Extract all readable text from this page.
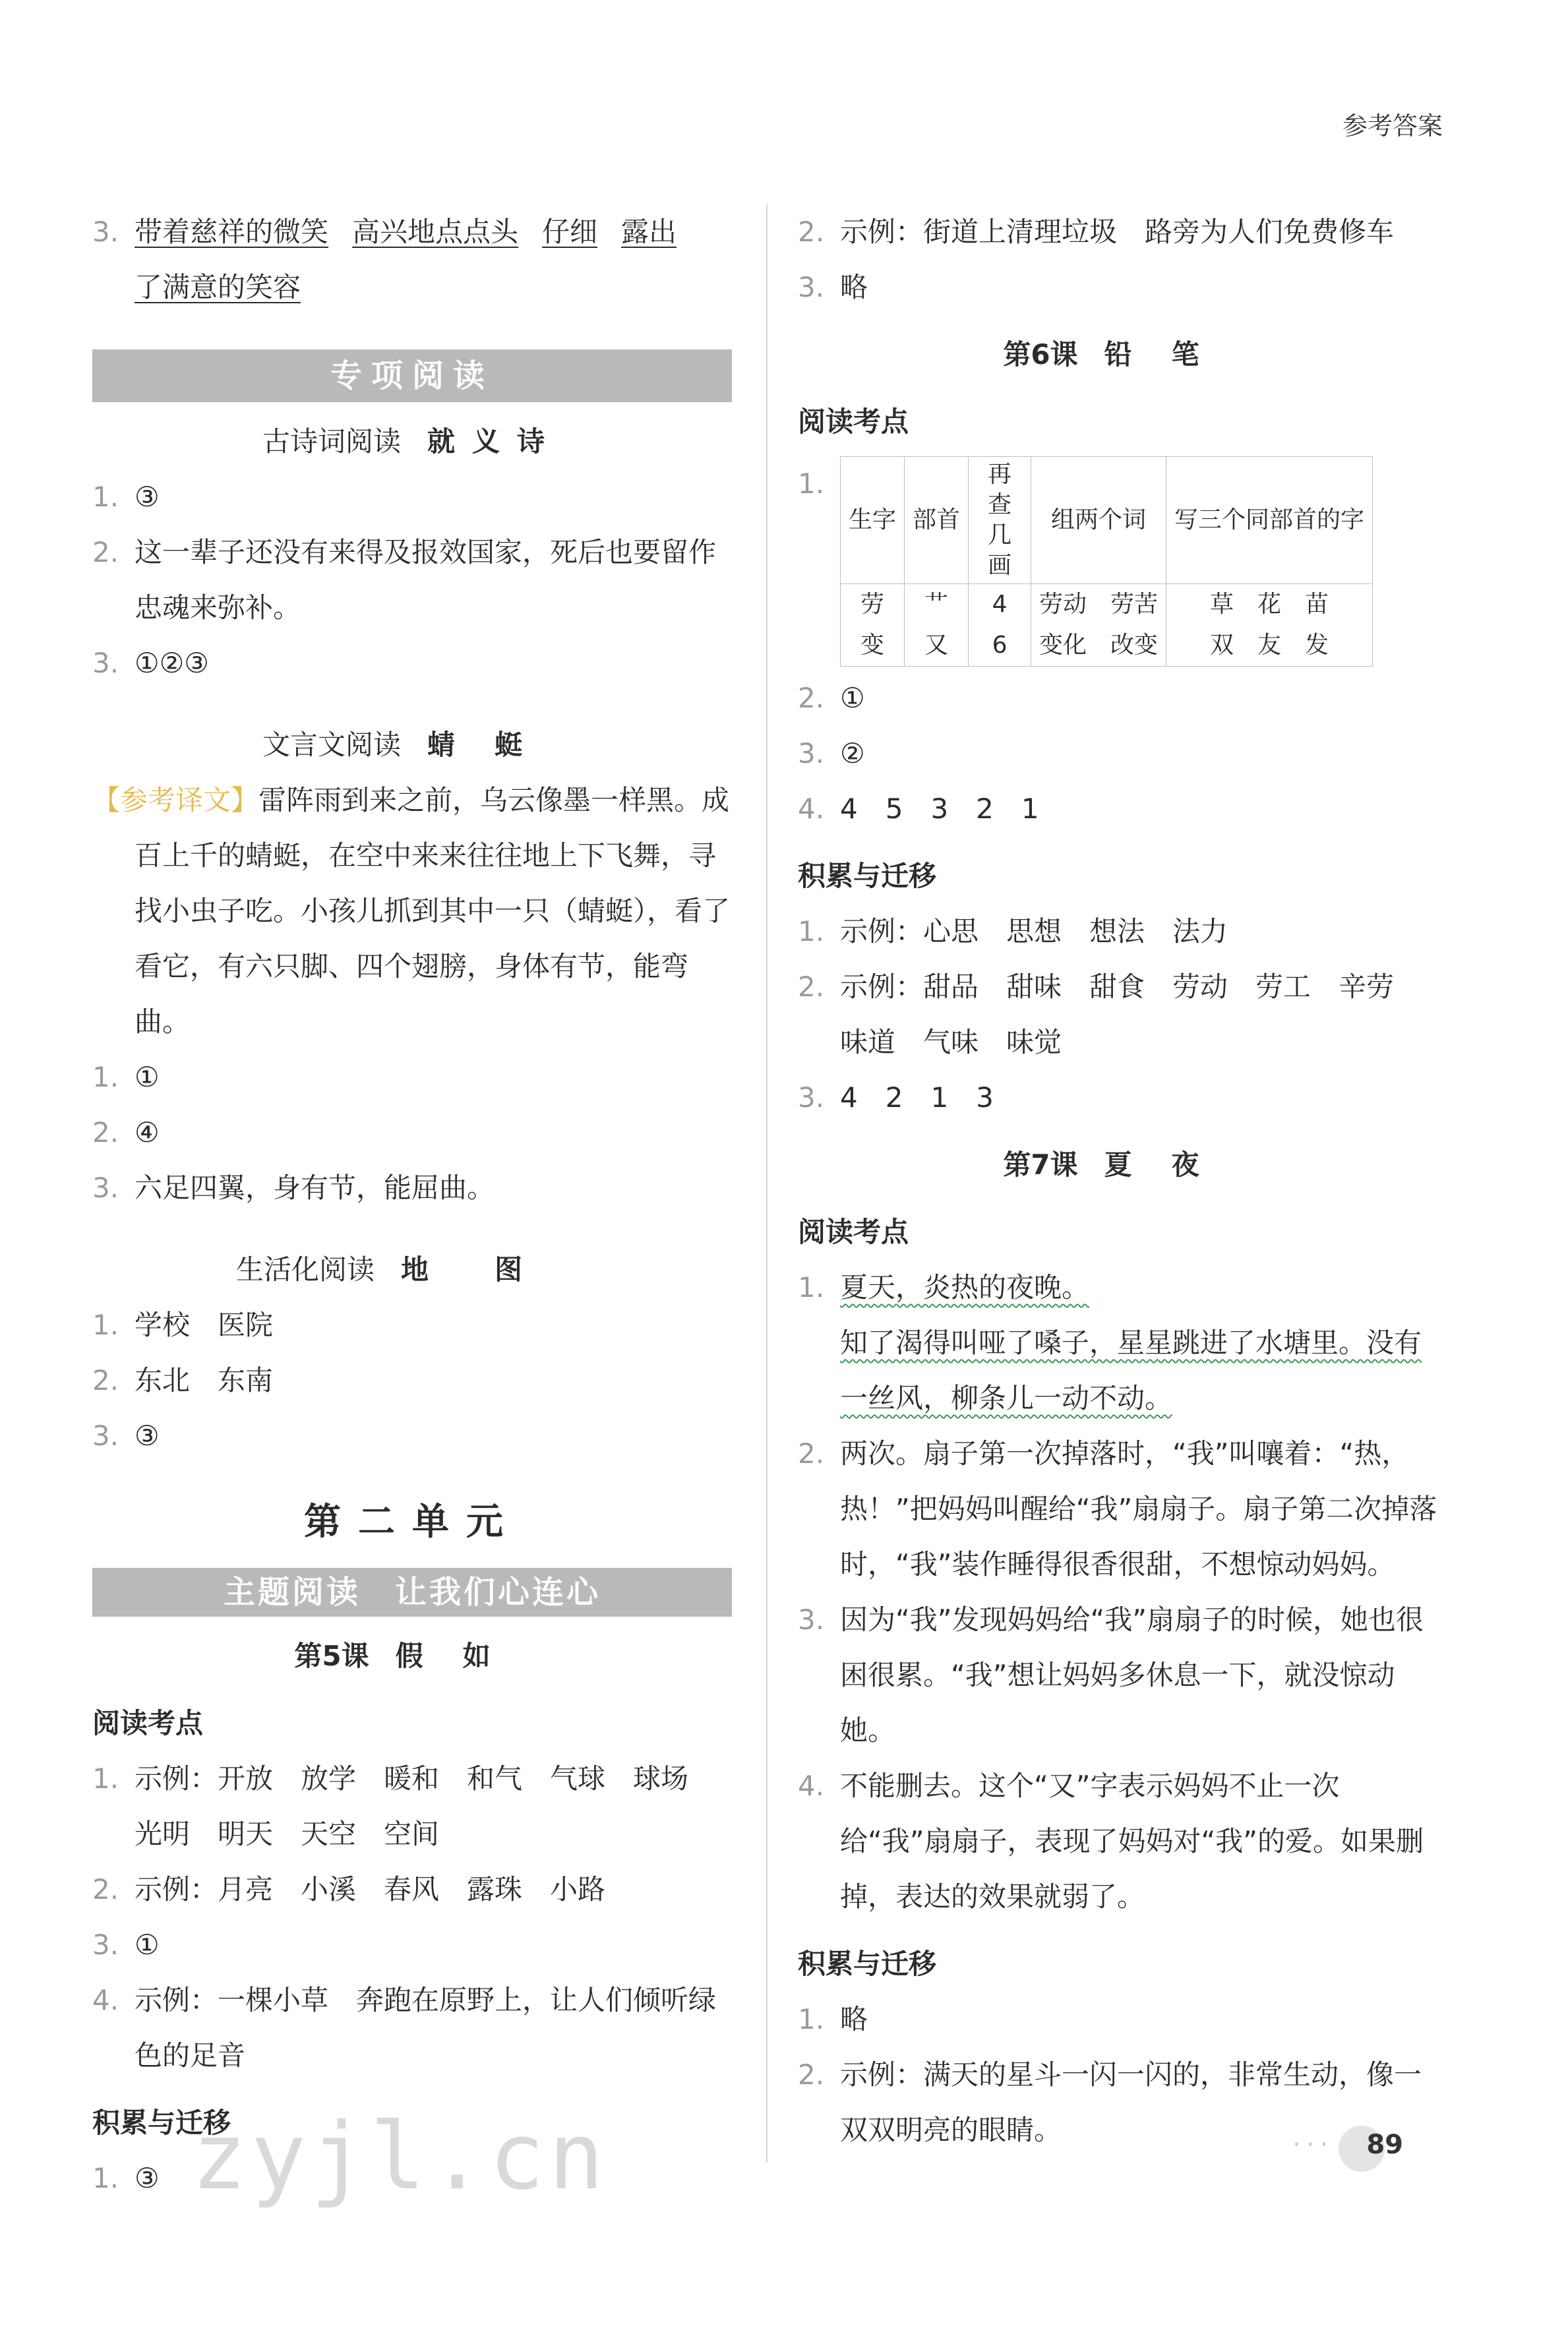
参考答案
3. 带着慈祥的微笑 高兴地点点头 仔细 露出
了满意的笑容
专项阅读
古诗词阅读 就义诗
1. ③
2. 这一辈子还没有来得及报效国家，死后也要留作忠魂来弥补。
3. ①②③
文言文阅读 蜻蜓
【参考译文】雷阵雨到来之前，乌云像墨一样黑。成百上千的蜻蜓，在空中来来往往地上下飞舞，寻找小虫子吃。小孩儿抓到其中一只（蜻蜓），看了看它，有六只脚、四个翅膀，身体有节，能弯曲。
1. ①
2. ④
3. 六足四翼，身有节，能屈曲。
生活化阅读 地图
1. 学校　医院
2. 东北　东南
3. ③
第二单元
主题阅读　让我们心连心
第5课 假如
阅读考点
1. 示例：开放　放学　暖和　和气　气球　球场　光明　明天　天空　空间
2. 示例：月亮　小溪　春风　露珠　小路
3. ①
4. 示例：一棵小草　奔跑在原野上，让人们倾听绿色的足音
积累与迁移
1. ③
2. 示例：街道上清理垃圾　路旁为人们免费修车
3. 略
第6课 铅笔
阅读考点
1.
生字	部首	再查几画	组两个词	写三个同部首的字
劳	艹	4	劳动　劳苦	草　花　苗
变	又	6	变化　改变	双　友　发
2. ①
3. ②
4. 4　5　3　2　1
积累与迁移
1. 示例：心思　思想　想法　法力
2. 示例：甜品　甜味　甜食　劳动　劳工　辛劳　味道　气味　味觉
3. 4　2　1　3
第7课 夏夜
阅读考点
1. 夏天，炎热的夜晚。
知了渴得叫哑了嗓子，星星跳进了水塘里。没有一丝风，柳条儿一动不动。
2. 两次。扇子第一次掉落时，“我”叫嚷着：“热，热！”把妈妈叫醒给“我”扇扇子。扇子第二次掉落时，“我”装作睡得很香很甜，不想惊动妈妈。
3. 因为“我”发现妈妈给“我”扇扇子的时候，她也很困很累。“我”想让妈妈多休息一下，就没惊动她。
4. 不能删去。这个“又”字表示妈妈不止一次给“我”扇扇子，表现了妈妈对“我”的爱。如果删掉，表达的效果就弱了。
积累与迁移
1. 略
2. 示例：满天的星斗一闪一闪的，非常生动，像一双双明亮的眼睛。
zyjl.cn	··· 89
